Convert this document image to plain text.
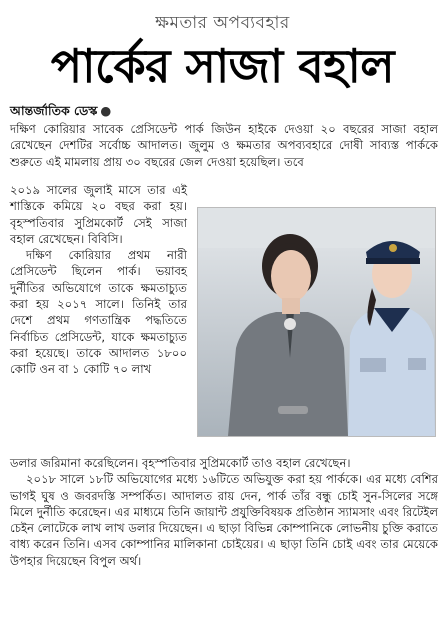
ক্ষমতার অপব্যবহার
পার্কের সাজা বহাল
আন্তর্জাতিক ডেস্ক ●

দক্ষিণ কোরিয়ার সাবেক প্রেসিডেন্ট পার্ক জিউন হাইকে দেওয়া ২০ বছরের সাজা বহাল রেখেছেন দেশটির সর্বোচ্চ আদালত। জুলুম ও ক্ষমতার অপব্যবহারে দোষী সাব্যস্ত পার্ককে শুরুতে এই মামলায় প্রায় ৩০ বছরের জেল দেওয়া হয়েছিল। তবে

২০১৯ সালের জুলাই মাসে তার এই শাস্তিকে কমিয়ে ২০ বছর করা হয়। বৃহস্পতিবার সুপ্রিমকোর্ট সেই সাজা বহাল রেখেছেন। বিবিসি।

দক্ষিণ কোরিয়ার প্রথম নারী প্রেসিডেন্ট ছিলেন পার্ক। ভয়াবহ দুর্নীতির অভিযোগে তাকে ক্ষমতাচ্যুত করা হয় ২০১৭ সালে। তিনিই তার দেশে প্রথম গণতান্ত্রিক পদ্ধতিতে নির্বাচিত প্রেসিডেন্ট, যাকে ক্ষমতাচ্যুত করা হয়েছে। তাকে আদালত ১৮০০ কোটি ওন বা ১ কোটি ৭০ লাখ

ডলার জরিমানা করেছিলেন। বৃহস্পতিবার সুপ্রিমকোর্ট তাও বহাল রেখেছেন।

২০১৮ সালে ১৮টি অভিযোগের মধ্যে ১৬টিতে অভিযুক্ত করা হয় পার্ককে। এর মধ্যে বেশির ভাগই ঘুষ ও জবরদস্তি সম্পর্কিত। আদালত রায় দেন, পার্ক তাঁর বন্ধু চোই সুন-সিলের সঙ্গে মিলে দুর্নীতি করেছেন। এর মাধ্যমে তিনি জায়ান্ট প্রযুক্তিবিষয়ক প্রতিষ্ঠান স্যামসাং এবং রিটেইল চেইন লোটেকে লাখ লাখ ডলার দিয়েছেন। এ ছাড়া বিভিন্ন কোম্পানিকে লোভনীয় চুক্তি করাতে বাধ্য করেন তিনি। এসব কোম্পানির মালিকানা চোইয়ের। এ ছাড়া তিনি চোই এবং তার মেয়েকে উপহার দিয়েছেন বিপুল অর্থ।
